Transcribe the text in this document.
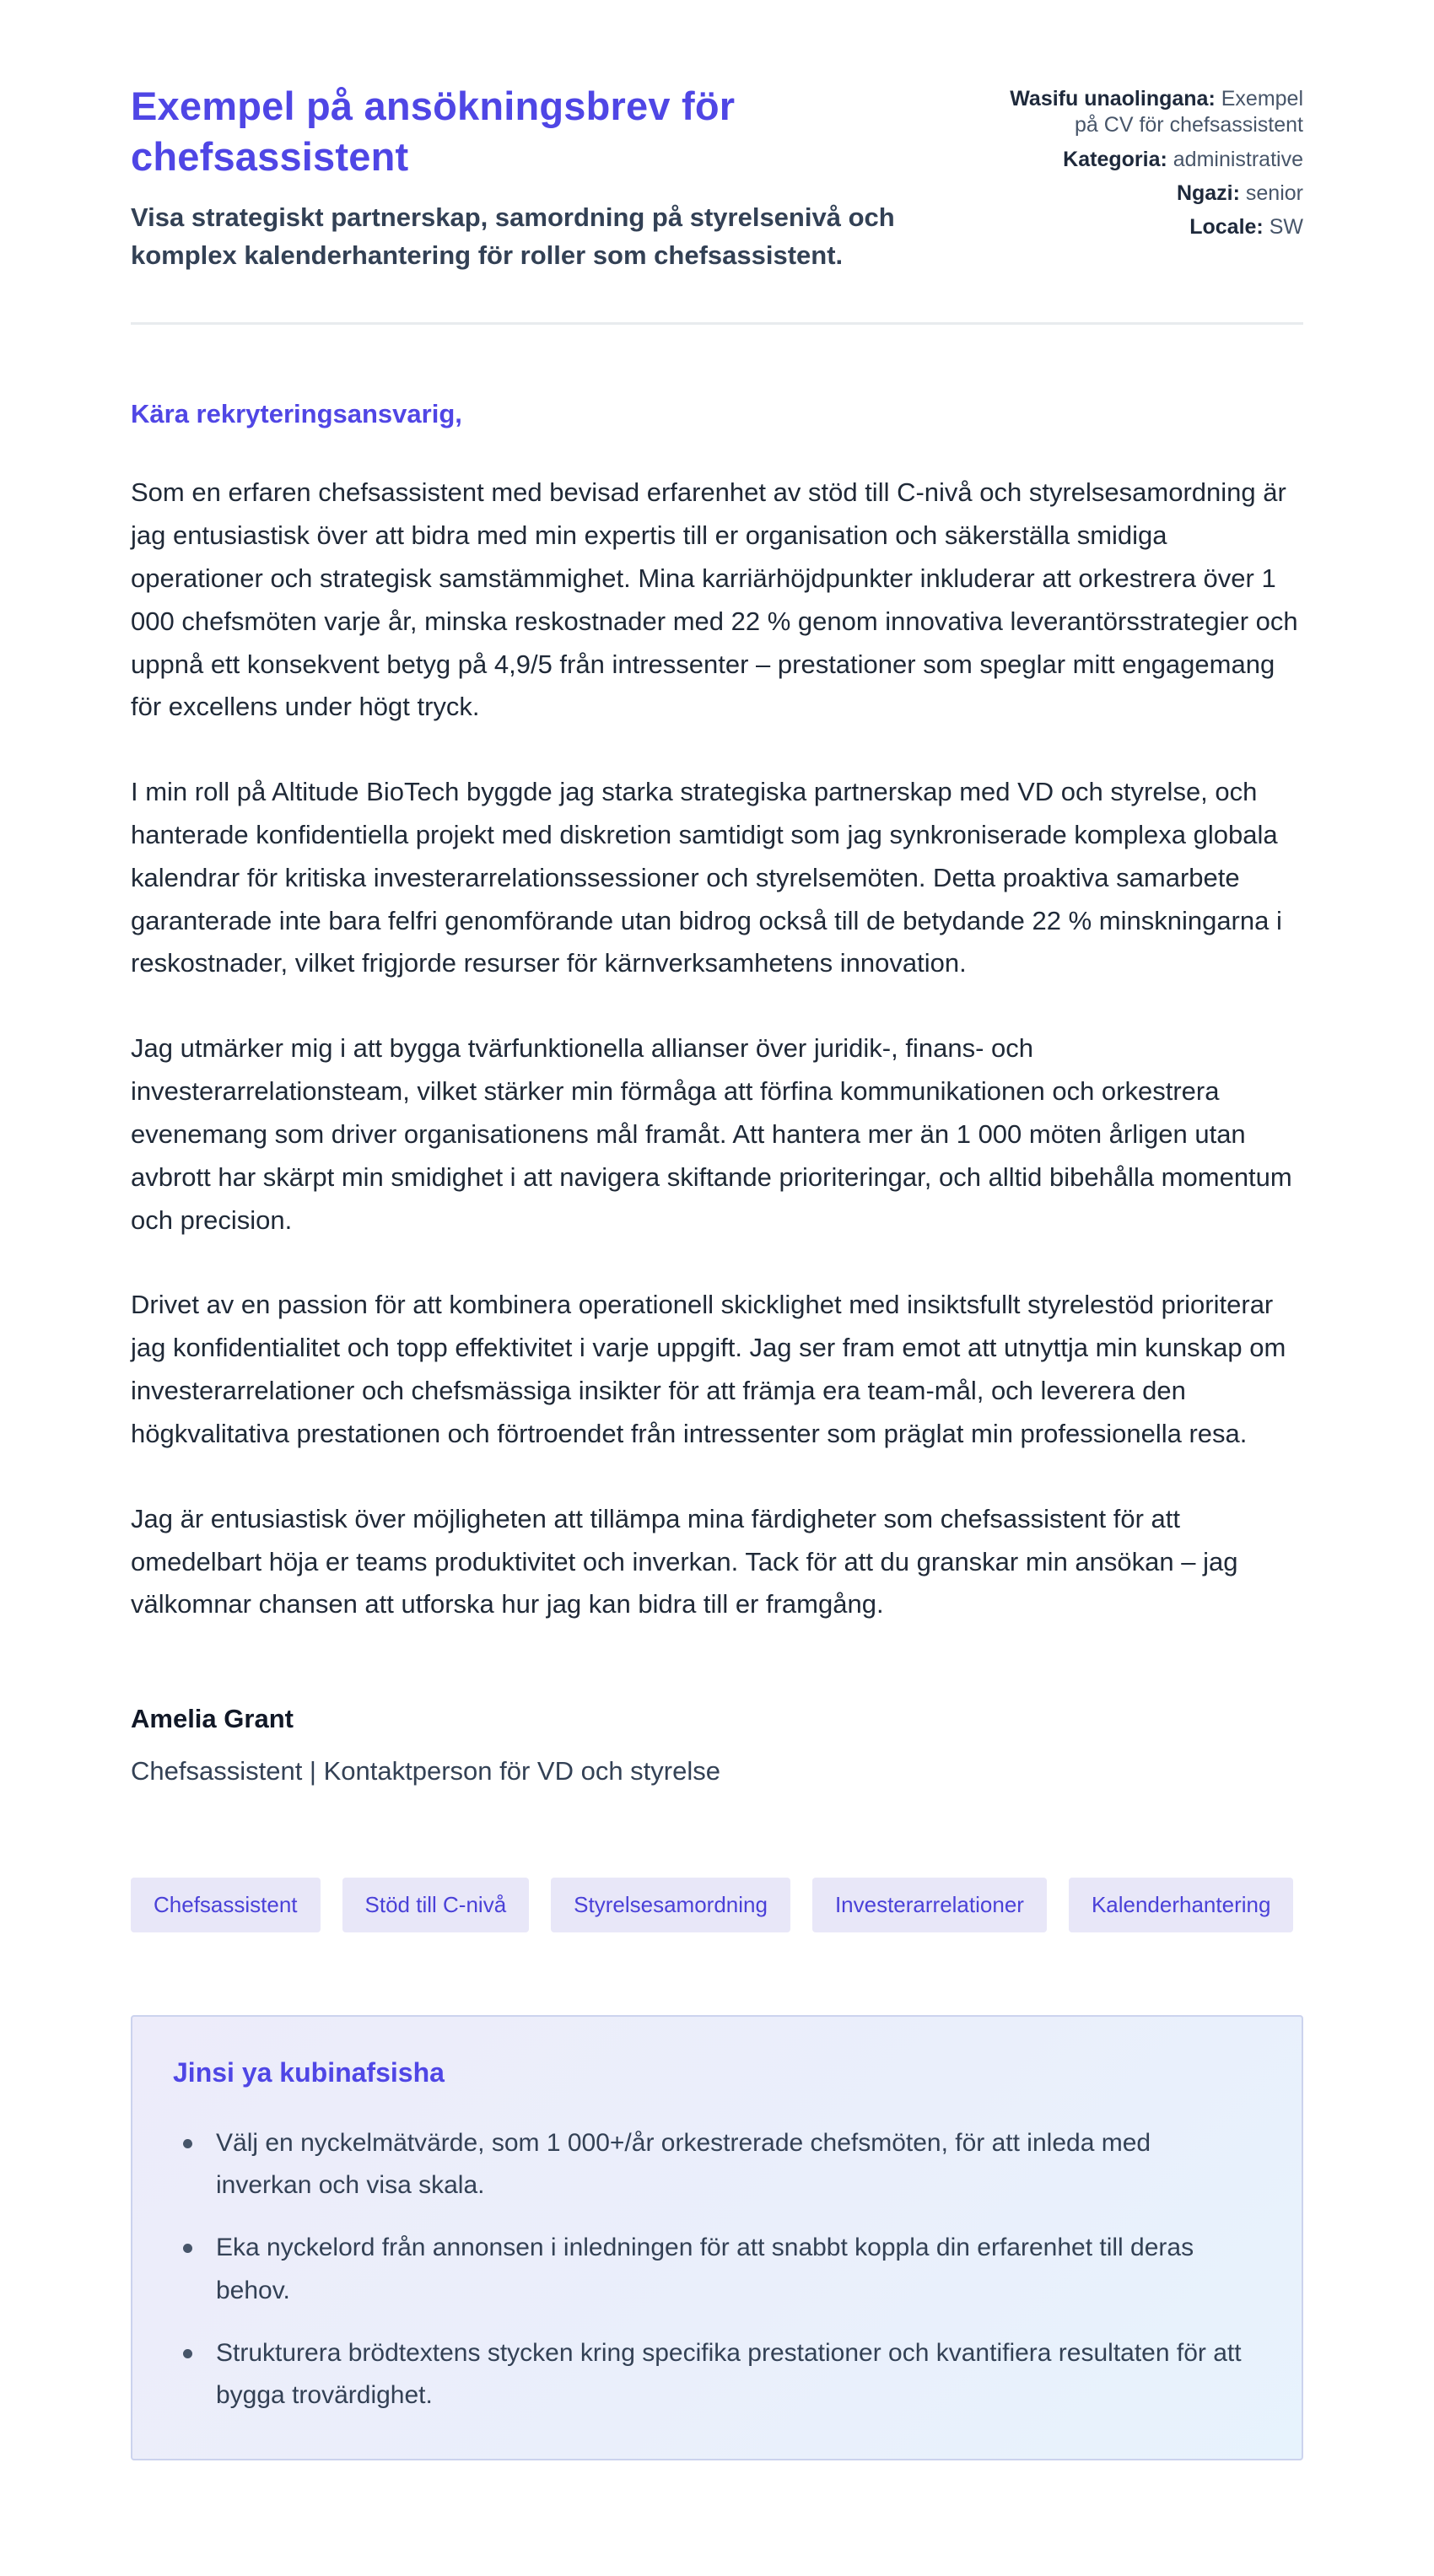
Exempel på ansökningsbrev för chefsassistent
Visa strategiskt partnerskap, samordning på styrelsenivå och komplex kalenderhantering för roller som chefsassistent.
Wasifu unaolingana: Exempel på CV för chefsassistent
Kategoria: administrative
Ngazi: senior
Locale: SW
Kära rekryteringsansvarig,

Som en erfaren chefsassistent med bevisad erfarenhet av stöd till C-nivå och styrelsesamordning är jag entusiastisk över att bidra med min expertis till er organisation och säkerställa smidiga operationer och strategisk samstämmighet. Mina karriärhöjdpunkter inkluderar att orkestrera över 1 000 chefsmöten varje år, minska reskostnader med 22 % genom innovativa leverantörsstrategier och uppnå ett konsekvent betyg på 4,9/5 från intressenter – prestationer som speglar mitt engagemang för excellens under högt tryck.

I min roll på Altitude BioTech byggde jag starka strategiska partnerskap med VD och styrelse, och hanterade konfidentiella projekt med diskretion samtidigt som jag synkroniserade komplexa globala kalendrar för kritiska investerarrelationssessioner och styrelsemöten. Detta proaktiva samarbete garanterade inte bara felfri genomförande utan bidrog också till de betydande 22 % minskningarna i reskostnader, vilket frigjorde resurser för kärnverksamhetens innovation.

Jag utmärker mig i att bygga tvärfunktionella allianser över juridik-, finans- och investerarrelationsteam, vilket stärker min förmåga att förfina kommunikationen och orkestrera evenemang som driver organisationens mål framåt. Att hantera mer än 1 000 möten årligen utan avbrott har skärpt min smidighet i att navigera skiftande prioriteringar, och alltid bibehålla momentum och precision.

Drivet av en passion för att kombinera operationell skicklighet med insiktsfullt styrelestöd prioriterar jag konfidentialitet och topp effektivitet i varje uppgift. Jag ser fram emot att utnyttja min kunskap om investerarrelationer och chefsmässiga insikter för att främja era team-mål, och leverera den högkvalitativa prestationen och förtroendet från intressenter som präglat min professionella resa.

Jag är entusiastisk över möjligheten att tillämpa mina färdigheter som chefsassistent för att omedelbart höja er teams produktivitet och inverkan. Tack för att du granskar min ansökan – jag välkomnar chansen att utforska hur jag kan bidra till er framgång.

Amelia Grant
Chefsassistent | Kontaktperson för VD och styrelse
Chefsassistent	Stöd till C-nivå	Styrelsesamordning	Investerarrelationer	Kalenderhantering
Jinsi ya kubinafsisha
Välj en nyckelmätvärde, som 1 000+/år orkestrerade chefsmöten, för att inleda med inverkan och visa skala.
Eka nyckelord från annonsen i inledningen för att snabbt koppla din erfarenhet till deras behov.
Strukturera brödtextens stycken kring specifika prestationer och kvantifiera resultaten för att bygga trovärdighet.
